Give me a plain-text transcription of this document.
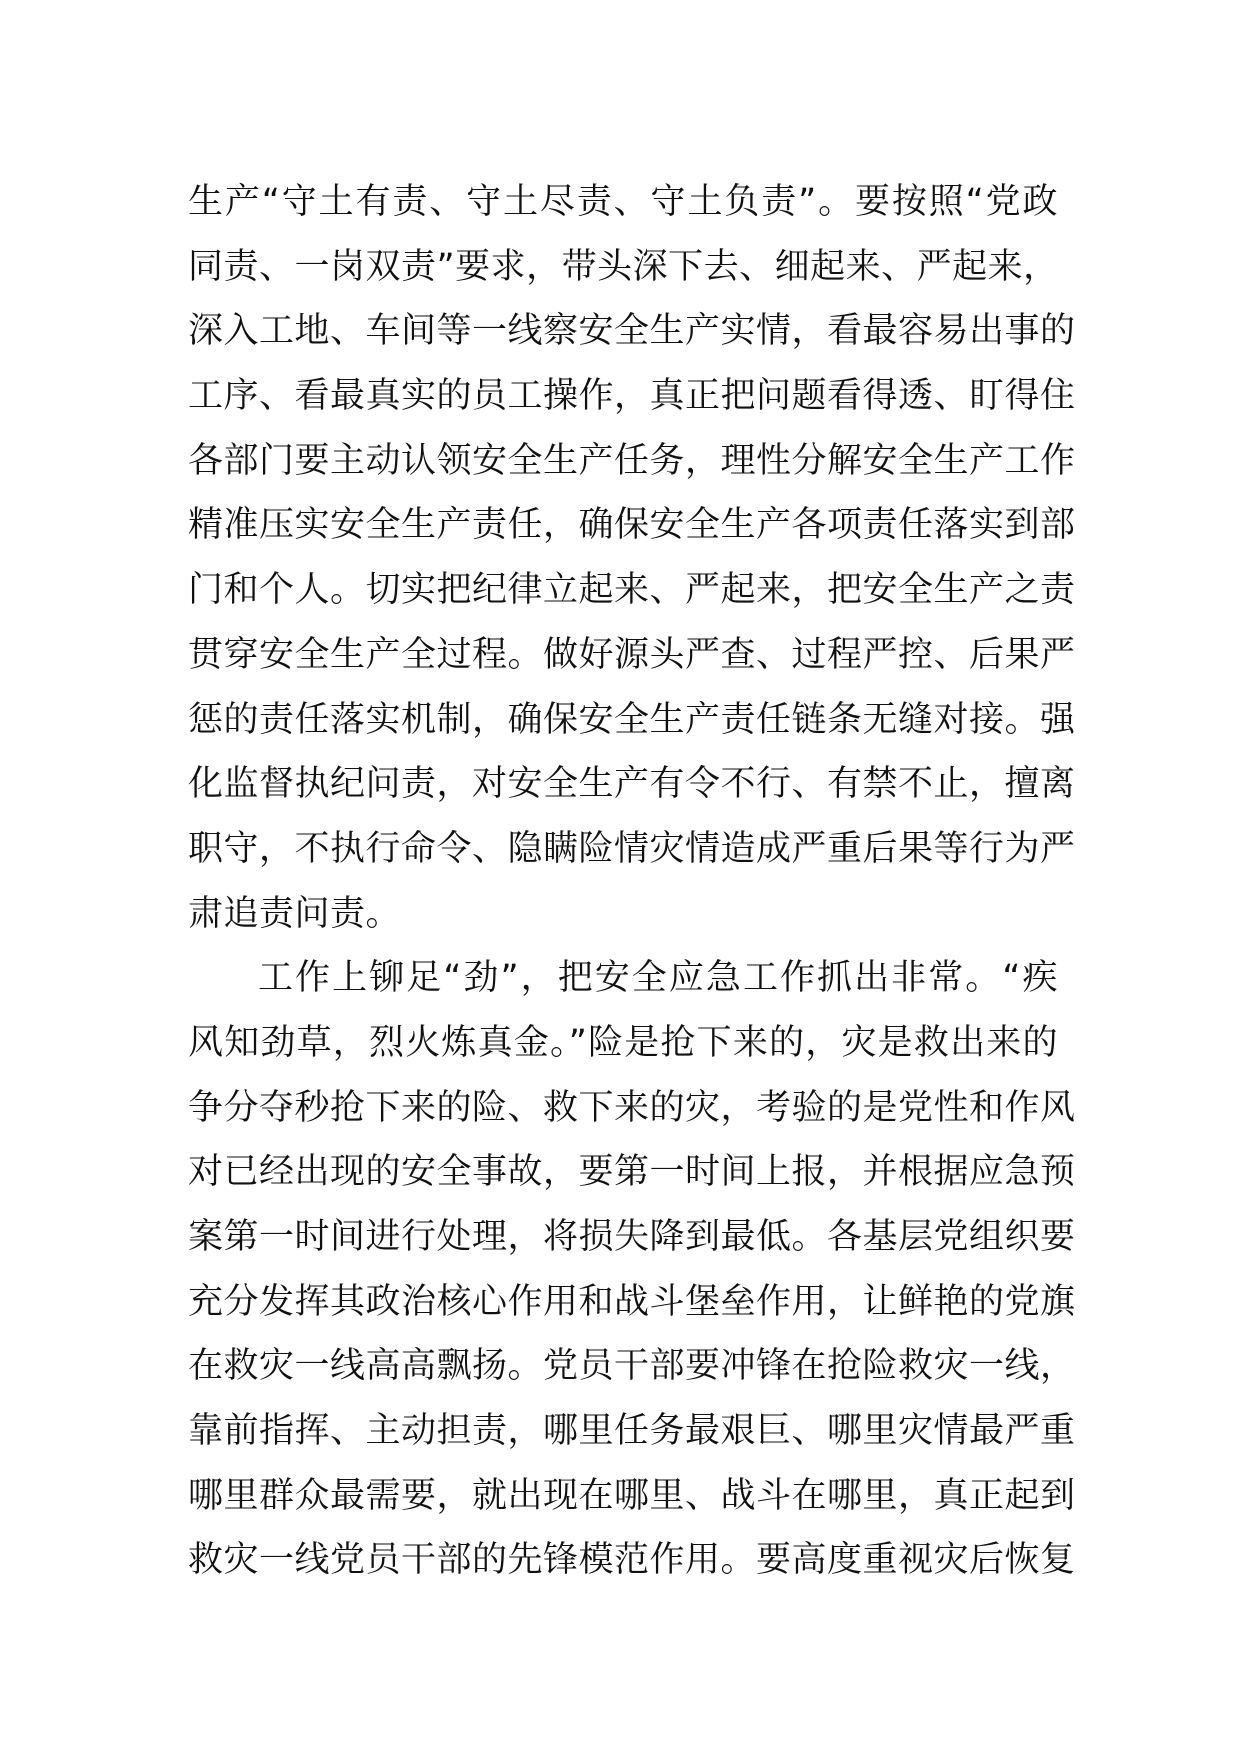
生产“守土有责、守土尽责、守土负责”。要按照“党政
同责、一岗双责”要求，带头深下去、细起来、严起来，
深入工地、车间等一线察安全生产实情，看最容易出事的
工序、看最真实的员工操作，真正把问题看得透、盯得住
各部门要主动认领安全生产任务，理性分解安全生产工作
精准压实安全生产责任，确保安全生产各项责任落实到部
门和个人。切实把纪律立起来、严起来，把安全生产之责
贯穿安全生产全过程。做好源头严查、过程严控、后果严
惩的责任落实机制，确保安全生产责任链条无缝对接。强
化监督执纪问责，对安全生产有令不行、有禁不止，擅离
职守，不执行命令、隐瞒险情灾情造成严重后果等行为严
肃追责问责。
工作上铆足“劲”，把安全应急工作抓出非常。“疾
风知劲草，烈火炼真金。”险是抢下来的，灾是救出来的
争分夺秒抢下来的险、救下来的灾，考验的是党性和作风
对已经出现的安全事故，要第一时间上报，并根据应急预
案第一时间进行处理，将损失降到最低。各基层党组织要
充分发挥其政治核心作用和战斗堡垒作用，让鲜艳的党旗
在救灾一线高高飘扬。党员干部要冲锋在抢险救灾一线，
靠前指挥、主动担责，哪里任务最艰巨、哪里灾情最严重
哪里群众最需要，就出现在哪里、战斗在哪里，真正起到
救灾一线党员干部的先锋模范作用。要高度重视灾后恢复
